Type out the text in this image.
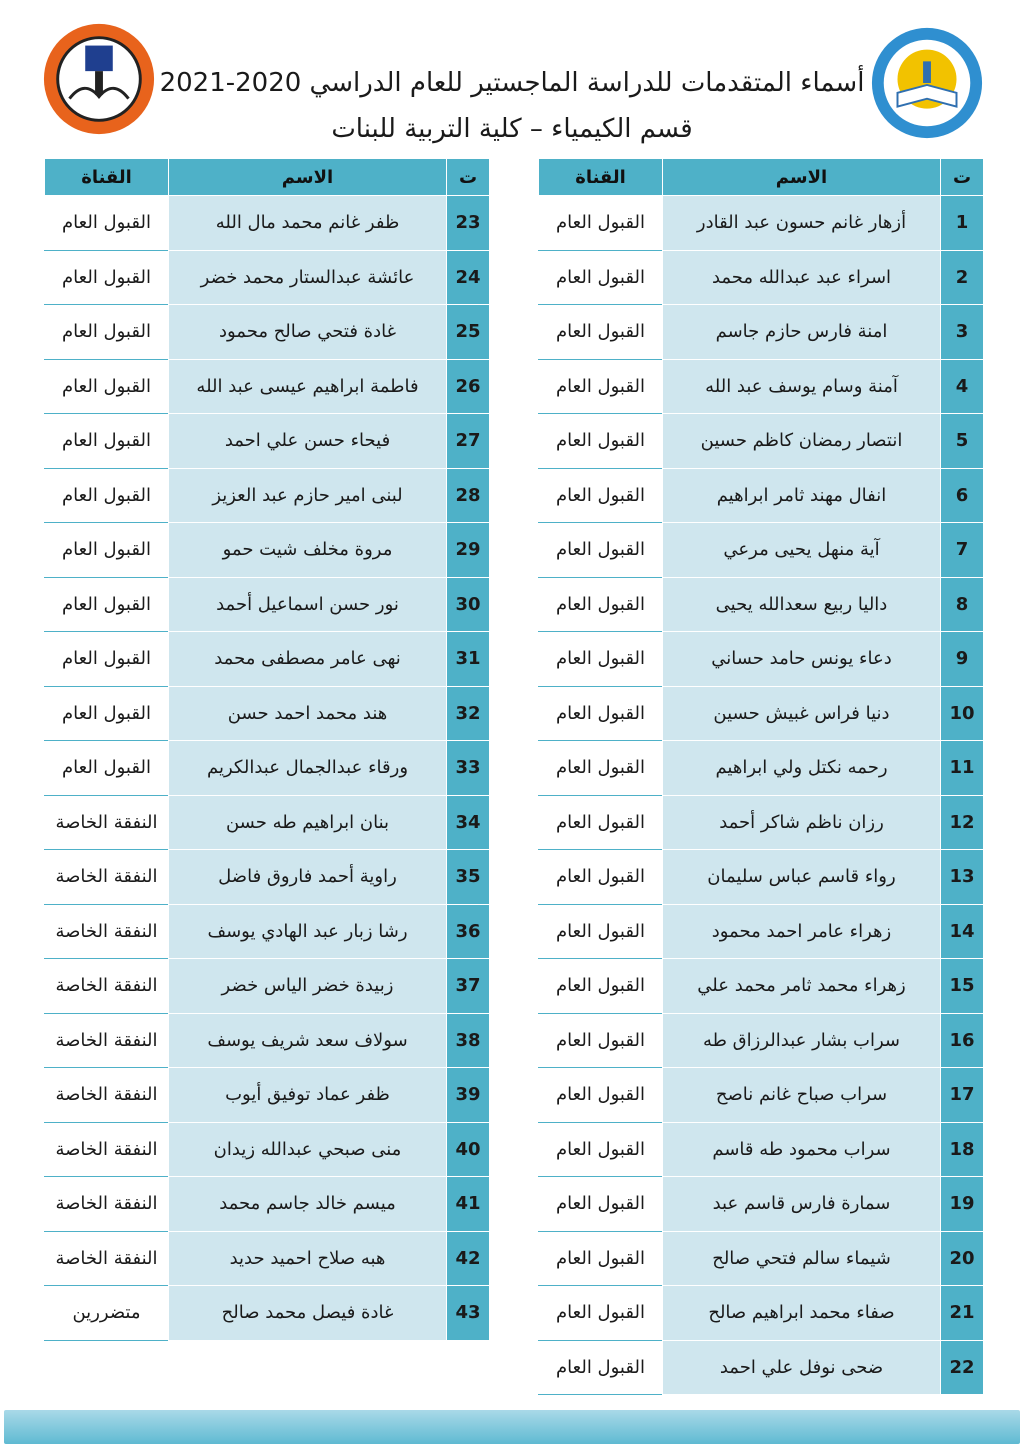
أسماء المتقدمات للدراسة الماجستير للعام الدراسي 2020-2021
قسم الكيمياء – كلية التربية للبنات
ت	الاسم	القناة
1	أزهار غانم حسون عبد القادر	القبول العام
2	اسراء عبد عبدالله محمد	القبول العام
3	امنة فارس حازم جاسم	القبول العام
4	آمنة وسام يوسف عبد الله	القبول العام
5	انتصار رمضان كاظم حسين	القبول العام
6	انفال مهند ثامر ابراهيم	القبول العام
7	آية منهل يحيى مرعي	القبول العام
8	داليا ربيع سعدالله يحيى	القبول العام
9	دعاء يونس حامد حساني	القبول العام
10	دنيا فراس غبيش حسين	القبول العام
11	رحمه نكتل ولي ابراهيم	القبول العام
12	رزان ناظم شاكر أحمد	القبول العام
13	رواء قاسم عباس سليمان	القبول العام
14	زهراء عامر احمد محمود	القبول العام
15	زهراء محمد ثامر محمد علي	القبول العام
16	سراب بشار عبدالرزاق طه	القبول العام
17	سراب صباح غانم ناصح	القبول العام
18	سراب محمود طه قاسم	القبول العام
19	سمارة فارس قاسم عبد	القبول العام
20	شيماء سالم فتحي صالح	القبول العام
21	صفاء محمد ابراهيم صالح	القبول العام
22	ضحى نوفل علي احمد	القبول العام
ت	الاسم	القناة
23	ظفر غانم محمد مال الله	القبول العام
24	عائشة عبدالستار محمد خضر	القبول العام
25	غادة فتحي صالح محمود	القبول العام
26	فاطمة ابراهيم عيسى عبد الله	القبول العام
27	فيحاء حسن علي احمد	القبول العام
28	لبنى امير حازم عبد العزيز	القبول العام
29	مروة مخلف شيت حمو	القبول العام
30	نور حسن اسماعيل أحمد	القبول العام
31	نهى عامر مصطفى محمد	القبول العام
32	هند محمد احمد حسن	القبول العام
33	ورقاء عبدالجمال عبدالكريم	القبول العام
34	بنان ابراهيم طه حسن	النفقة الخاصة
35	راوية أحمد فاروق فاضل	النفقة الخاصة
36	رشا زبار عبد الهادي يوسف	النفقة الخاصة
37	زبيدة خضر الياس خضر	النفقة الخاصة
38	سولاف سعد شريف يوسف	النفقة الخاصة
39	ظفر عماد توفيق أيوب	النفقة الخاصة
40	منى صبحي عبدالله زيدان	النفقة الخاصة
41	ميسم خالد جاسم محمد	النفقة الخاصة
42	هبه صلاح احميد حديد	النفقة الخاصة
43	غادة فيصل محمد صالح	متضررين
